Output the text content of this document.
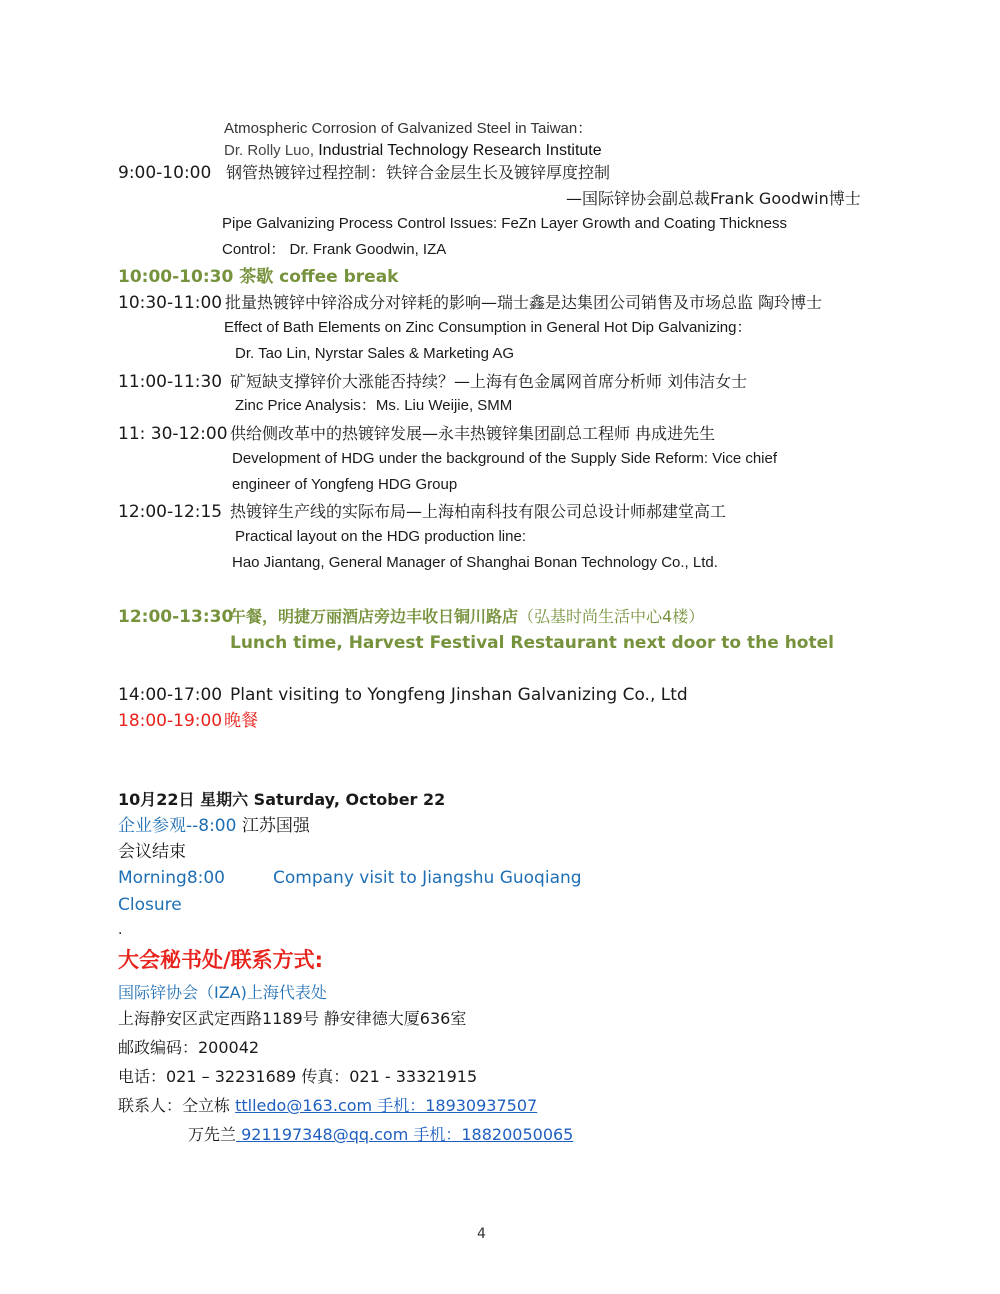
Atmospheric Corrosion of Galvanized Steel in Taiwan：
Dr. Rolly Luo, Industrial Technology Research Institute
9:00-10:00 钢管热镀锌过程控制：铁锌合金层生长及镀锌厚度控制
—国际锌协会副总裁Frank Goodwin博士
Pipe Galvanizing Process Control Issues: FeZn Layer Growth and Coating Thickness
Control： Dr. Frank Goodwin, IZA
10:00-10:30 茶歇 coffee break
10:30-11:00 批量热镀锌中锌浴成分对锌耗的影响—瑞士鑫是达集团公司销售及市场总监 陶玲博士
Effect of Bath Elements on Zinc Consumption in General Hot Dip Galvanizing：
Dr. Tao Lin, Nyrstar Sales & Marketing AG
11:00-11:30 矿短缺支撑锌价大涨能否持续？—上海有色金属网首席分析师 刘伟洁女士
Zinc Price Analysis：Ms. Liu Weijie, SMM
11: 30-12:00 供给侧改革中的热镀锌发展—永丰热镀锌集团副总工程师 冉成进先生
Development of HDG under the background of the Supply Side Reform: Vice chief
engineer of Yongfeng HDG Group
12:00-12:15 热镀锌生产线的实际布局—上海柏南科技有限公司总设计师郝建堂高工
Practical layout on the HDG production line:
Hao Jiantang, General Manager of Shanghai Bonan Technology Co., Ltd.
12:00-13:30
午餐，明捷万丽酒店旁边丰收日铜川路店（弘基时尚生活中心4楼）
Lunch time, Harvest Festival Restaurant next door to the hotel
14:00-17:00 Plant visiting to Yongfeng Jinshan Galvanizing Co., Ltd
18:00-19:00 晚餐
10月22日 星期六 Saturday, October 22
企业参观--8:00 江苏国强
会议结束
Morning8:00	Company visit to Jiangshu Guoqiang
Closure
.
大会秘书处/联系方式:
国际锌协会（IZA)上海代表处
上海静安区武定西路1189号 静安律德大厦636室
邮政编码：200042
电话：021 – 32231689 传真：021 - 33321915
联系人：仝立栋 ttlledo@163.com 手机：18930937507
万先兰 921197348@qq.com 手机：18820050065
4
